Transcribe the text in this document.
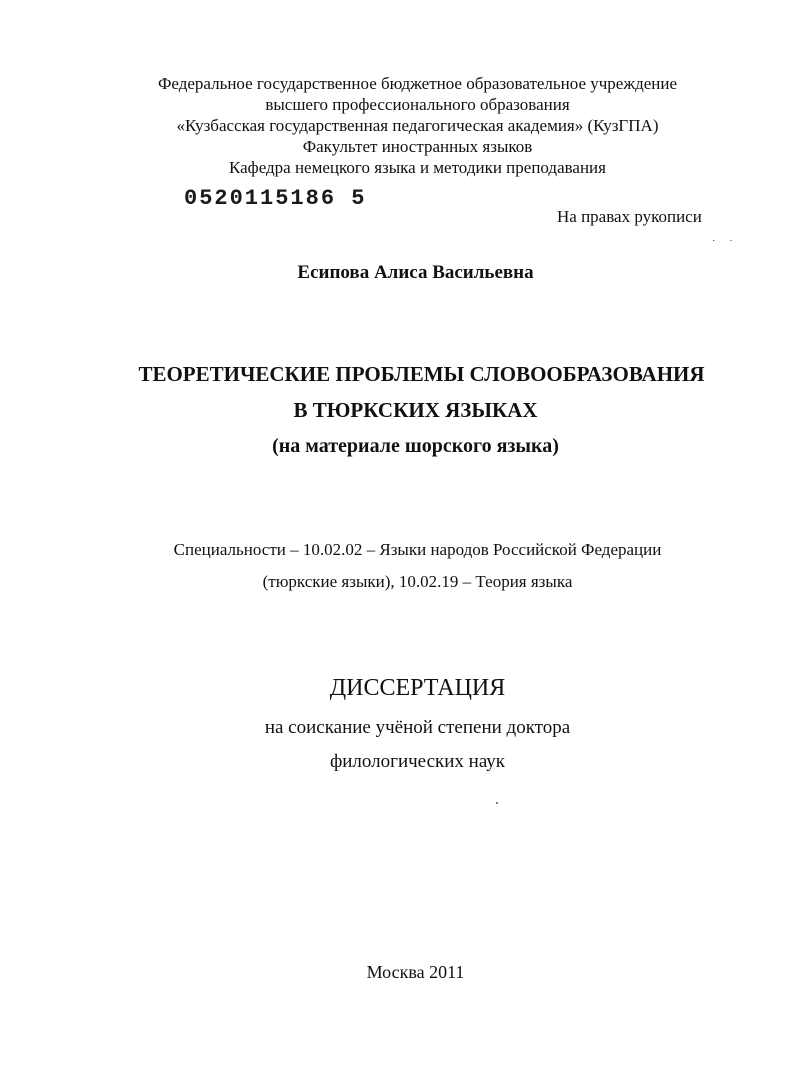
Федеральное государственное бюджетное образовательное учреждение
высшего профессионального образования
«Кузбасская государственная педагогическая академия» (КузГПА)
Факультет иностранных языков
Кафедра немецкого языка и методики преподавания
0520115186 5
На правах рукописи
··
Есипова Алиса Васильевна
ТЕОРЕТИЧЕСКИЕ ПРОБЛЕМЫ СЛОВООБРАЗОВАНИЯ
В ТЮРКСКИХ ЯЗЫКАХ
(на материале шорского языка)
Специальности – 10.02.02 – Языки народов Российской Федерации
(тюркские языки), 10.02.19 – Теория языка
ДИССЕРТАЦИЯ
на соискание учёной степени доктора
филологических наук
Москва 2011
